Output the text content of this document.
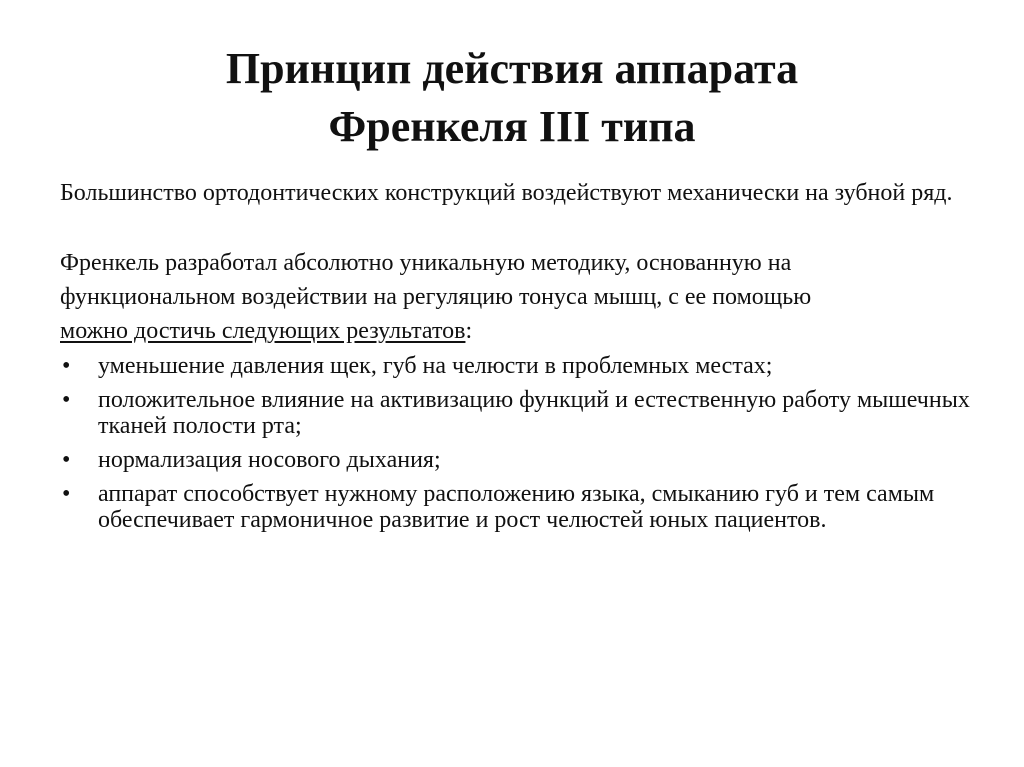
Принцип действия аппарата
Френкеля III типа

Большинство ортодонтических конструкций воздействуют механически на зубной ряд.

Френкель разработал абсолютно уникальную методику, основанную на
функциональном воздействии на регуляцию тонуса мышц, с ее помощью
можно достичь следующих результатов:

• уменьшение давления щек, губ на челюсти в проблемных местах;
• положительное влияние на активизацию функций и естественную работу мышечных тканей полости рта;
• нормализация носового дыхания;
• аппарат способствует нужному расположению языка, смыканию губ и тем самым обеспечивает гармоничное развитие и рост челюстей юных пациентов.
